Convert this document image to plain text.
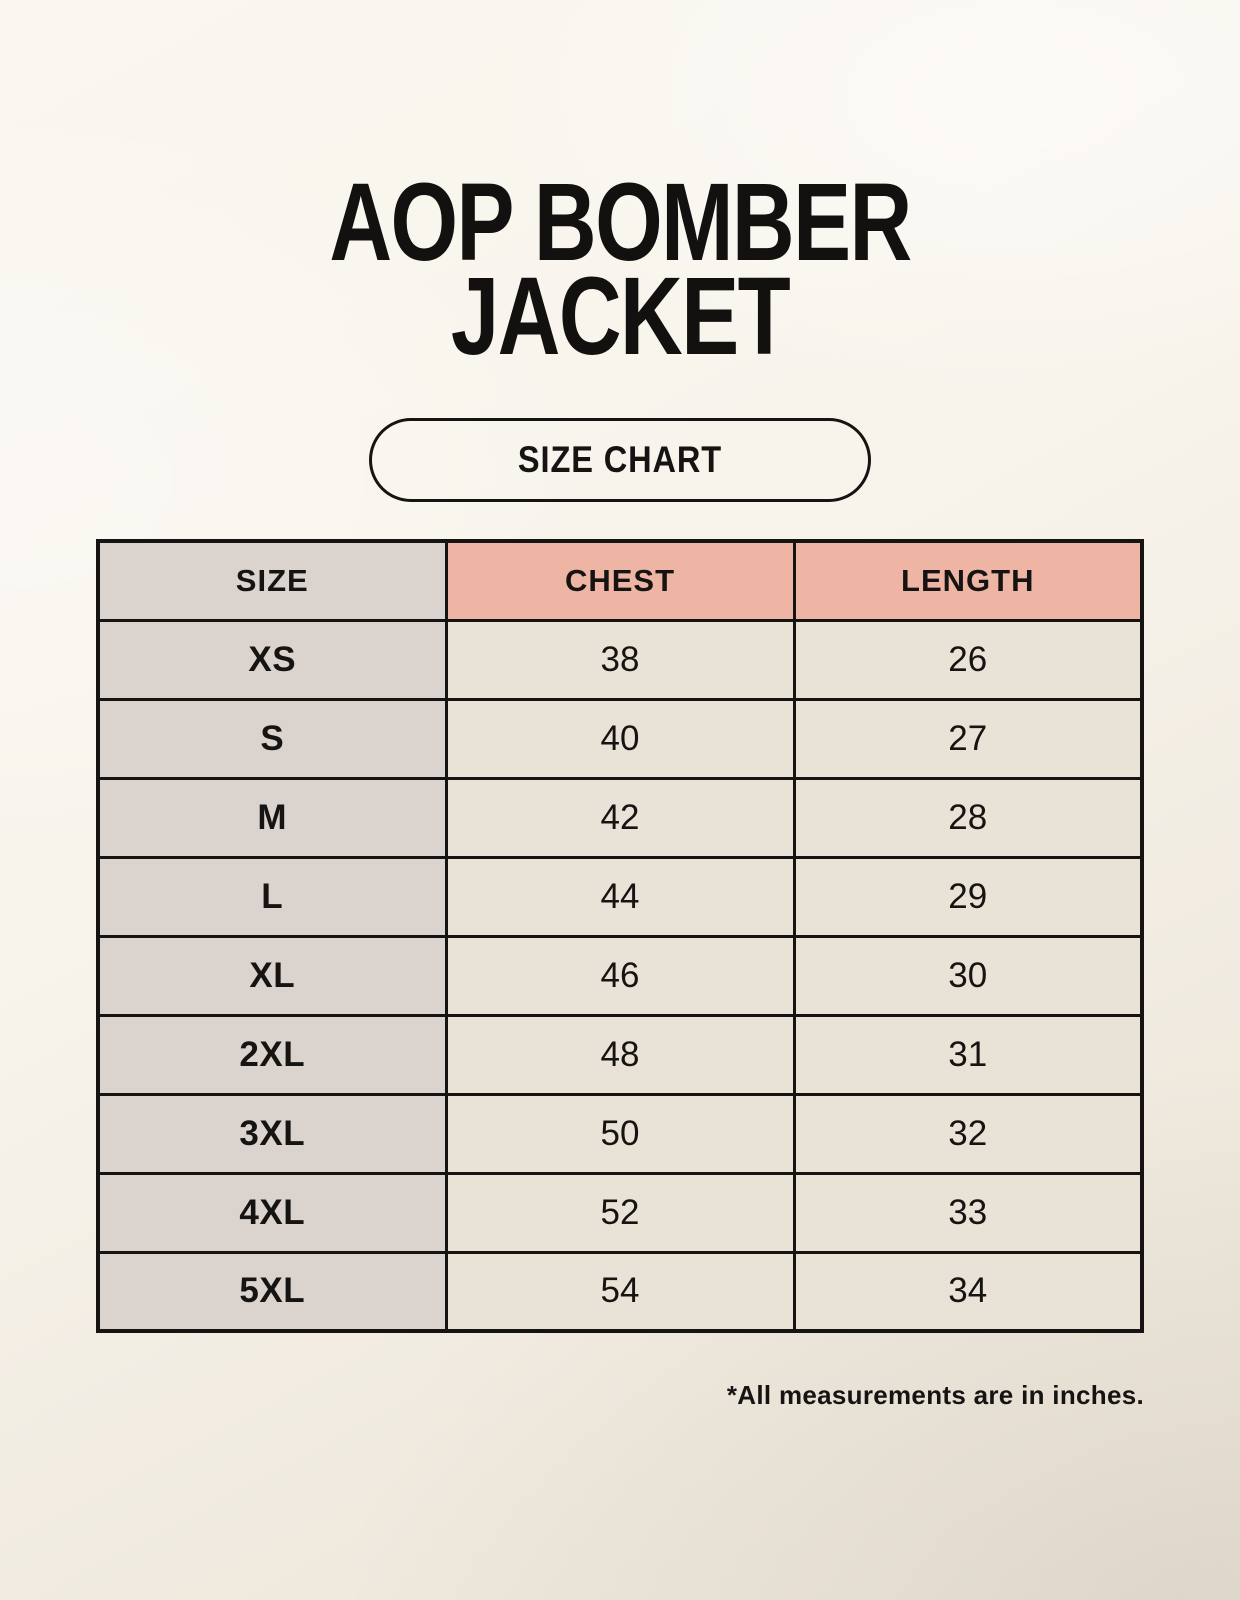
AOP BOMBER
JACKET
SIZE CHART
SIZE	CHEST	LENGTH
XS	38	26
S	40	27
M	42	28
L	44	29
XL	46	30
2XL	48	31
3XL	50	32
4XL	52	33
5XL	54	34
*All measurements are in inches.
